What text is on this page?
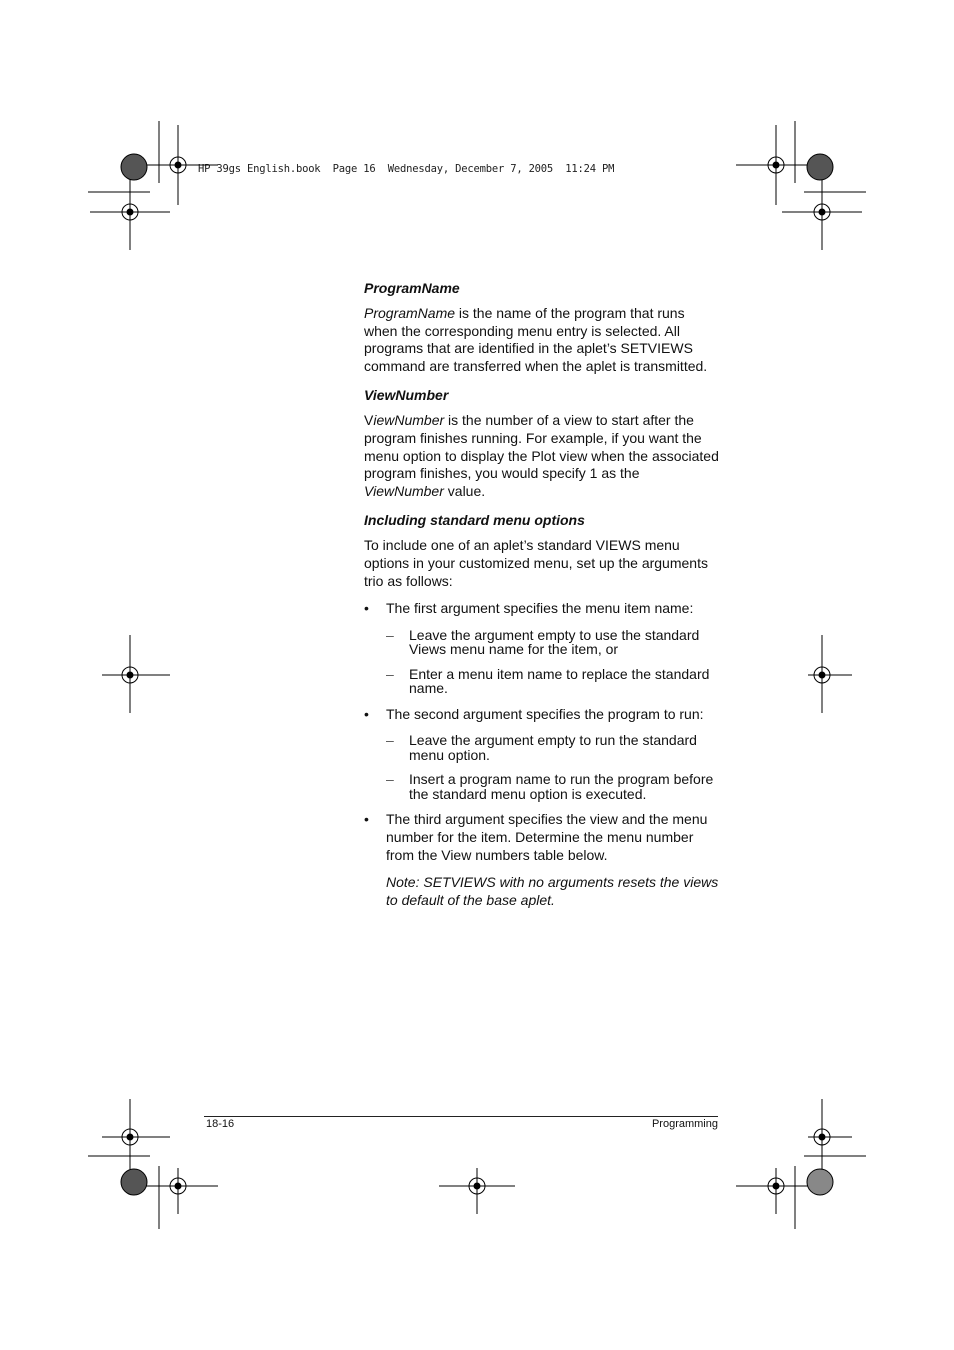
HP 39gs English.book  Page 16  Wednesday, December 7, 2005  11:24 PM
ProgramName

ProgramName is the name of the program that runs when the corresponding menu entry is selected. All programs that are identified in the aplet’s SETVIEWS command are transferred when the aplet is transmitted.

ViewNumber

ViewNumber is the number of a view to start after the program finishes running. For example, if you want the menu option to display the Plot view when the associated program finishes, you would specify 1 as the ViewNumber value.

Including standard menu options

To include one of an aplet’s standard VIEWS menu options in your customized menu, set up the arguments trio as follows:

• The first argument specifies the menu item name:
– Leave the argument empty to use the standard Views menu name for the item, or
– Enter a menu item name to replace the standard name.
• The second argument specifies the program to run:
– Leave the argument empty to run the standard menu option.
– Insert a program name to run the program before the standard menu option is executed.
• The third argument specifies the view and the menu number for the item. Determine the menu number from the View numbers table below.

Note: SETVIEWS with no arguments resets the views to default of the base aplet.

18-16	Programming
